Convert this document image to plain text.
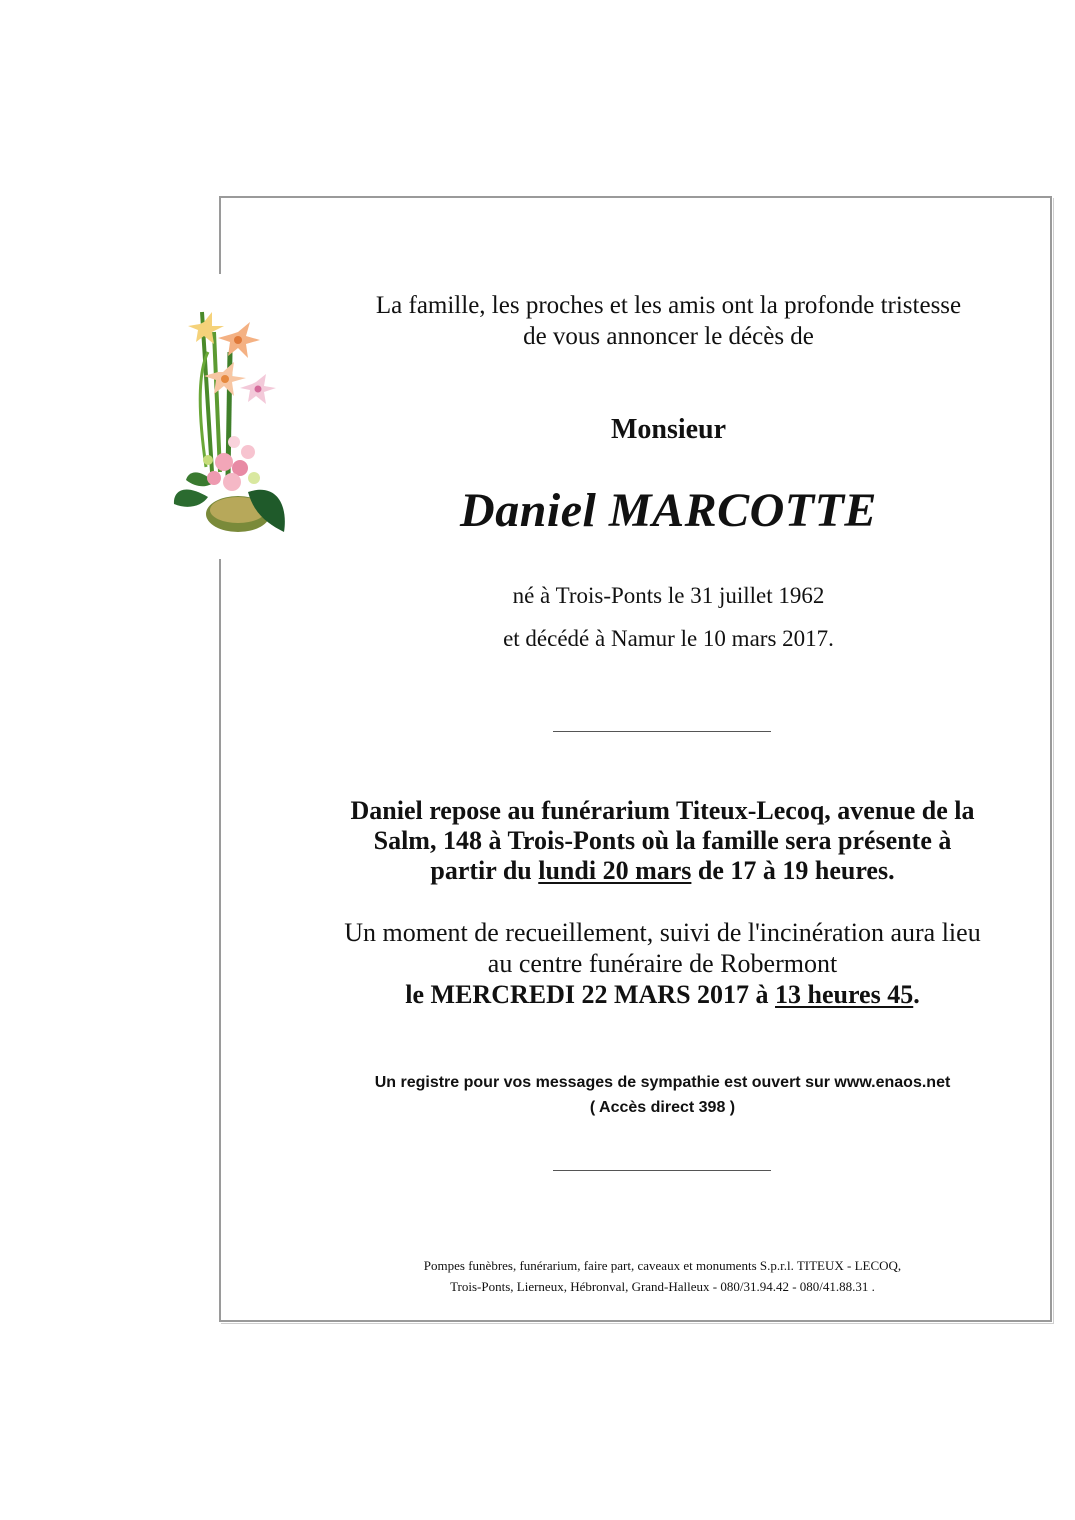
La famille, les proches et les amis ont la profonde tristesse
de vous annoncer le décès de
Monsieur
Daniel MARCOTTE
né à Trois-Ponts le 31 juillet 1962
et décédé à Namur le 10 mars 2017.
Daniel repose au funérarium Titeux-Lecoq, avenue de la
Salm, 148 à Trois-Ponts où la famille sera présente à
partir du lundi 20 mars de 17 à 19 heures.
Un moment de recueillement, suivi de l'incinération aura lieu
au centre funéraire de Robermont
le MERCREDI 22 MARS 2017 à 13 heures 45.
Un registre pour vos messages de sympathie est ouvert sur www.enaos.net
( Accès direct 398 )
Pompes funèbres, funérarium, faire part, caveaux et monuments S.p.r.l. TITEUX - LECOQ,
Trois-Ponts, Lierneux, Hébronval, Grand-Halleux - 080/31.94.42 - 080/41.88.31 .
